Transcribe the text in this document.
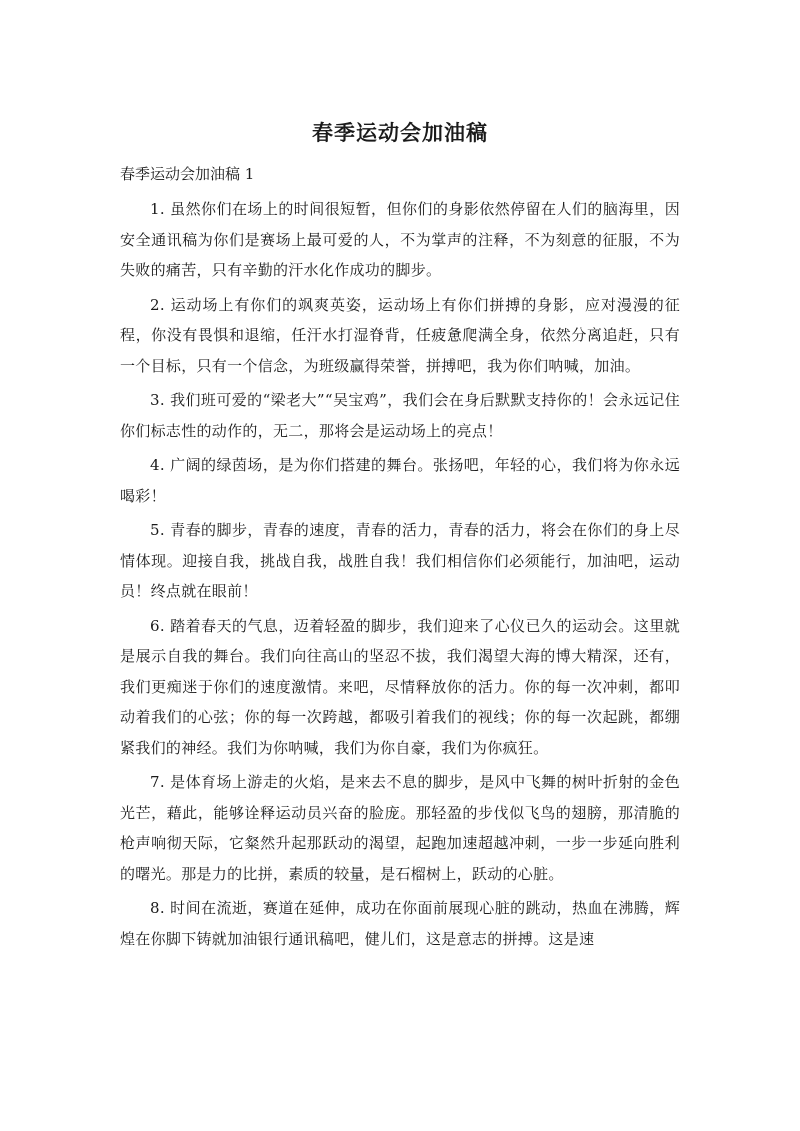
春季运动会加油稿
春季运动会加油稿 1

1. 虽然你们在场上的时间很短暂，但你们的身影依然停留在人们的脑海里，因安全通讯稿为你们是赛场上最可爱的人，不为掌声的注释，不为刻意的征服，不为失败的痛苦，只有辛勤的汗水化作成功的脚步。

2. 运动场上有你们的飒爽英姿，运动场上有你们拼搏的身影，应对漫漫的征程，你没有畏惧和退缩，任汗水打湿脊背，任疲惫爬满全身，依然分离追赶，只有一个目标，只有一个信念，为班级赢得荣誉，拼搏吧，我为你们呐喊，加油。

3. 我们班可爱的“梁老大”“吴宝鸡”，我们会在身后默默支持你的！会永远记住你们标志性的动作的，无二，那将会是运动场上的亮点！

4. 广阔的绿茵场，是为你们搭建的舞台。张扬吧，年轻的心，我们将为你永远喝彩！

5. 青春的脚步，青春的速度，青春的活力，青春的活力，将会在你们的身上尽情体现。迎接自我，挑战自我，战胜自我！我们相信你们必须能行，加油吧，运动员！终点就在眼前！

6. 踏着春天的气息，迈着轻盈的脚步，我们迎来了心仪已久的运动会。这里就是展示自我的舞台。我们向往高山的坚忍不拔，我们渴望大海的博大精深，还有，我们更痴迷于你们的速度激情。来吧，尽情释放你的活力。你的每一次冲刺，都叩动着我们的心弦；你的每一次跨越，都吸引着我们的视线；你的每一次起跳，都绷紧我们的神经。我们为你呐喊，我们为你自豪，我们为你疯狂。

7. 是体育场上游走的火焰，是来去不息的脚步，是风中飞舞的树叶折射的金色光芒，藉此，能够诠释运动员兴奋的脸庞。那轻盈的步伐似飞鸟的翅膀，那清脆的枪声响彻天际，它粲然升起那跃动的渴望，起跑加速超越冲刺，一步一步延向胜利的曙光。那是力的比拼，素质的较量，是石榴树上，跃动的心脏。

8. 时间在流逝，赛道在延伸，成功在你面前展现心脏的跳动，热血在沸腾，辉煌在你脚下铸就加油银行通讯稿吧，健儿们，这是意志的拼搏。这是速
